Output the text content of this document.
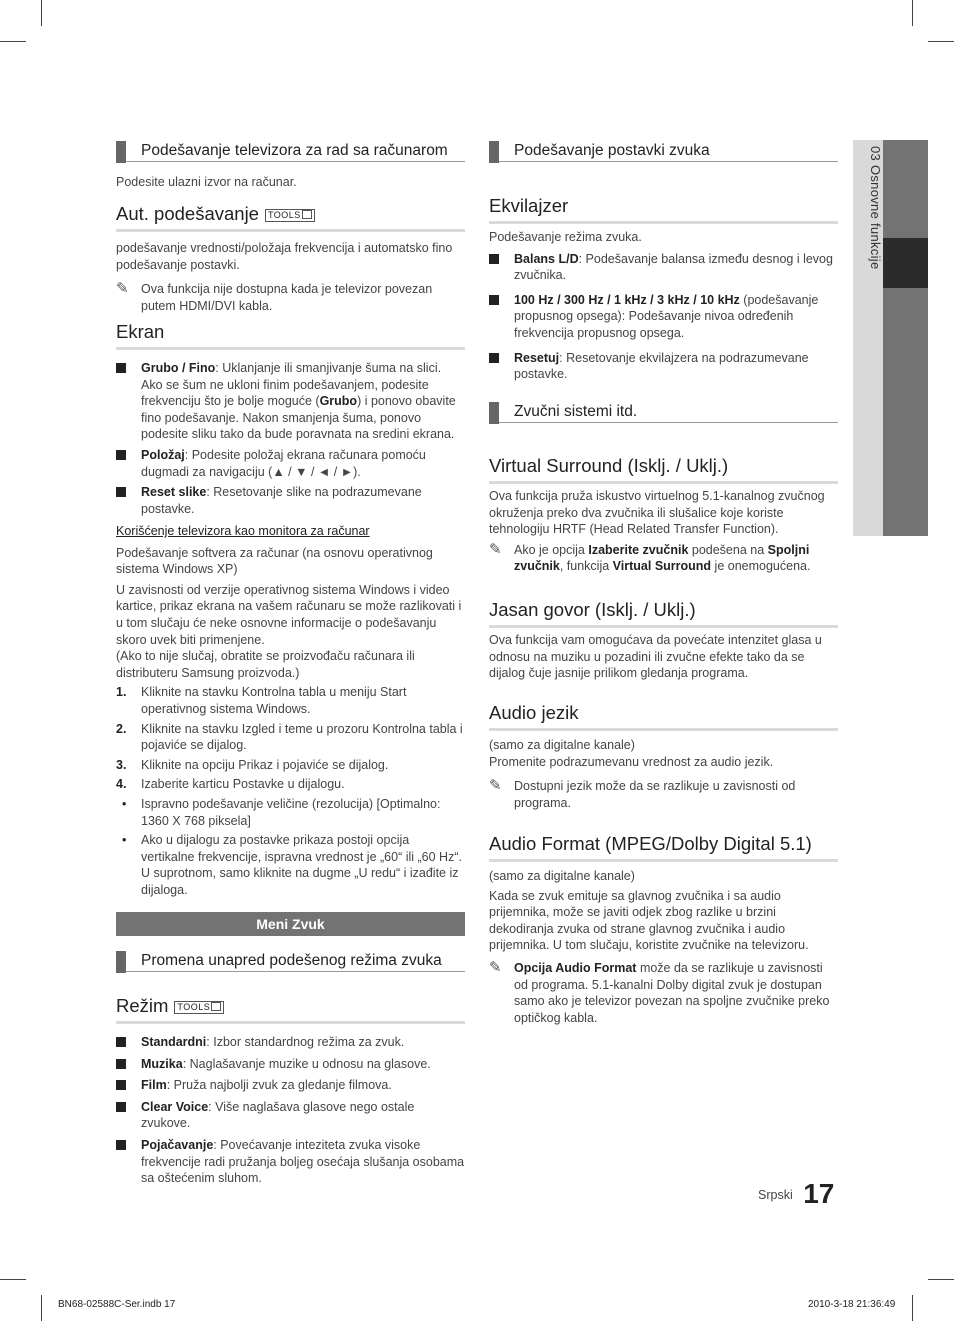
03 Osnovne funkcije
Podešavanje televizora za rad sa računarom

Podesite ulazni izvor na računar.

Aut. podešavanje TOOLS

podešavanje vrednosti/položaja frekvencija i automatsko fino podešavanje postavki.

✎ Ova funkcija nije dostupna kada je televizor povezan putem HDMI/DVI kabla.
Ekran
Grubo / Fino: Uklanjanje ili smanjivanje šuma na slici. Ako se šum ne ukloni finim podešavanjem, podesite frekvenciju što je bolje moguće (Grubo) i ponovo obavite fino podešavanje. Nakon smanjenja šuma, ponovo podesite sliku tako da bude poravnata na sredini ekrana.
Položaj: Podesite položaj ekrana računara pomoću dugmadi za navigaciju (▲ / ▼ / ◄ / ►).
Reset slike: Resetovanje slike na podrazumevane postavke.
Korišćenje televizora kao monitora za računar

Podešavanje softvera za računar (na osnovu operativnog sistema Windows XP)

U zavisnosti od verzije operativnog sistema Windows i video kartice, prikaz ekrana na vašem računaru se može razlikovati i u tom slučaju će neke osnovne informacije o podešavanju skoro uvek biti primenjene.

(Ako to nije slučaj, obratite se proizvođaču računara ili distributeru Samsung proizvoda.)

1. Kliknite na stavku Kontrolna tabla u meniju Start operativnog sistema Windows.
2. Kliknite na stavku Izgled i teme u prozoru Kontrolna tabla i pojaviće se dijalog.
3. Kliknite na opciju Prikaz i pojaviće se dijalog.
4. Izaberite karticu Postavke u dijalogu.
• Ispravno podešavanje veličine (rezolucija) [Optimalno: 1360 X 768 piksela]
• Ako u dijalogu za postavke prikaza postoji opcija vertikalne frekvencije, ispravna vrednost je „60“ ili „60 Hz“. U suprotnom, samo kliknite na dugme „U redu“ i izađite iz dijaloga.
Meni Zvuk
Promena unapred podešenog režima zvuka
Režim TOOLS
Standardni: Izbor standardnog režima za zvuk.
Muzika: Naglašavanje muzike u odnosu na glasove.
Film: Pruža najbolji zvuk za gledanje filmova.
Clear Voice: Više naglašava glasove nego ostale zvukove.
Pojačavanje: Povećavanje inteziteta zvuka visoke frekvencije radi pružanja boljeg osećaja slušanja osobama sa oštećenim sluhom.
Podešavanje postavki zvuka
Ekvilajzer

Podešavanje režima zvuka.

Balans L/D: Podešavanje balansa između desnog i levog zvučnika.
100 Hz / 300 Hz / 1 kHz / 3 kHz / 10 kHz (podešavanje propusnog opsega): Podešavanje nivoa određenih frekvencija propusnog opsega.
Resetuj: Resetovanje ekvilajzera na podrazumevane postavke.
Zvučni sistemi itd.
Virtual Surround (Isklj. / Uklj.)

Ova funkcija pruža iskustvo virtuelnog 5.1-kanalnog zvučnog okruženja preko dva zvučnika ili slušalice koje koriste tehnologiju HRTF (Head Related Transfer Function).

✎ Ako je opcija Izaberite zvučnik podešena na Spoljni zvučnik, funkcija Virtual Surround je onemogućena.
Jasan govor (Isklj. / Uklj.)

Ova funkcija vam omogućava da povećate intenzitet glasa u odnosu na muziku u pozadini ili zvučne efekte tako da se dijalog čuje jasnije prilikom gledanja programa.

Audio jezik

(samo za digitalne kanale)

Promenite podrazumevanu vrednost za audio jezik.

✎ Dostupni jezik može da se razlikuje u zavisnosti od programa.
Audio Format (MPEG/Dolby Digital 5.1)

(samo za digitalne kanale)

Kada se zvuk emituje sa glavnog zvučnika i sa audio prijemnika, može se javiti odjek zbog razlike u brzini dekodiranja zvuka od strane glavnog zvučnika i audio prijemnika. U tom slučaju, koristite zvučnike na televizoru.

✎ Opcija Audio Format može da se razlikuje u zavisnosti od programa. 5.1-kanalni Dolby digital zvuk je dostupan samo ako je televizor povezan na spoljne zvučnike preko optičkog kabla.
$^{Srpski}$ 17
BN68-02588C-Ser.indb 17	2010-3-18 21:36:49
